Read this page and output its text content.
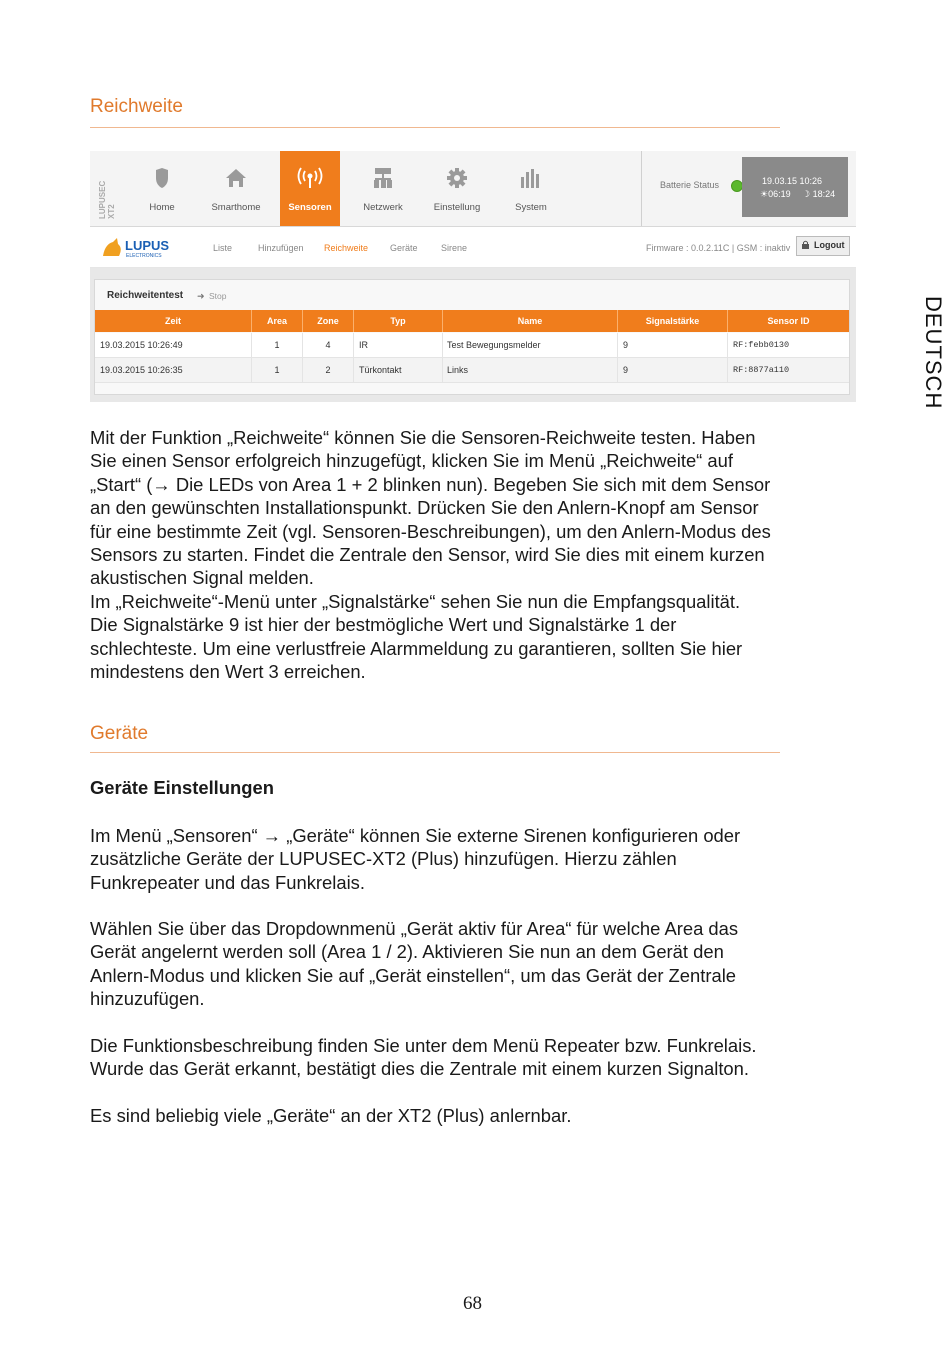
Reichweite
DEUTSCH
LUPUSEC XT2	Home	Smarthome	Sensoren	Netzwerk	Einstellung	System
Batterie Status	19.03.15 10:26
☀06:19 ☽ 18:24
LUPUS
ELECTRONICS
Liste	Hinzufügen Reichweite Geräte	Sirene	Firmware : 0.0.2.11C | GSM : inaktiv	Logout
Reichweitentest ➜ Stop
Zeit	Area	Zone	Typ	Name	Signalstärke	Sensor ID
19.03.2015 10:26:49	1	4	IR	Test Bewegungsmelder	9	RF:febb0130
19.03.2015 10:26:35	1	2	Türkontakt	Links	9	RF:8877a110
Mit der Funktion „Reichweite“ können Sie die Sensoren-Reichweite testen. Haben
Sie einen Sensor erfolgreich hinzugefügt, klicken Sie im Menü „Reichweite“ auf
„Start“ (→ Die LEDs von Area 1 + 2 blinken nun). Begeben Sie sich mit dem Sensor
an den gewünschten Installationspunkt. Drücken Sie den Anlern-Knopf am Sensor
für eine bestimmte Zeit (vgl. Sensoren-Beschreibungen), um den Anlern-Modus des
Sensors zu starten. Findet die Zentrale den Sensor, wird Sie dies mit einem kurzen
akustischen Signal melden.
Im „Reichweite“-Menü unter „Signalstärke“ sehen Sie nun die Empfangsqualität.
Die Signalstärke 9 ist hier der bestmögliche Wert und Signalstärke 1 der
schlechteste. Um eine verlustfreie Alarmmeldung zu garantieren, sollten Sie hier
mindestens den Wert 3 erreichen.
Geräte
Geräte Einstellungen
Im Menü „Sensoren“ → „Geräte“ können Sie externe Sirenen konfigurieren oder
zusätzliche Geräte der LUPUSEC-XT2 (Plus) hinzufügen. Hierzu zählen
Funkrepeater und das Funkrelais.
Wählen Sie über das Dropdownmenü „Gerät aktiv für Area“ für welche Area das
Gerät angelernt werden soll (Area 1 / 2). Aktivieren Sie nun an dem Gerät den
Anlern-Modus und klicken Sie auf „Gerät einstellen“, um das Gerät der Zentrale
hinzuzufügen.
Die Funktionsbeschreibung finden Sie unter dem Menü Repeater bzw. Funkrelais.
Wurde das Gerät erkannt, bestätigt dies die Zentrale mit einem kurzen Signalton.
Es sind beliebig viele „Geräte“ an der XT2 (Plus) anlernbar.
68
